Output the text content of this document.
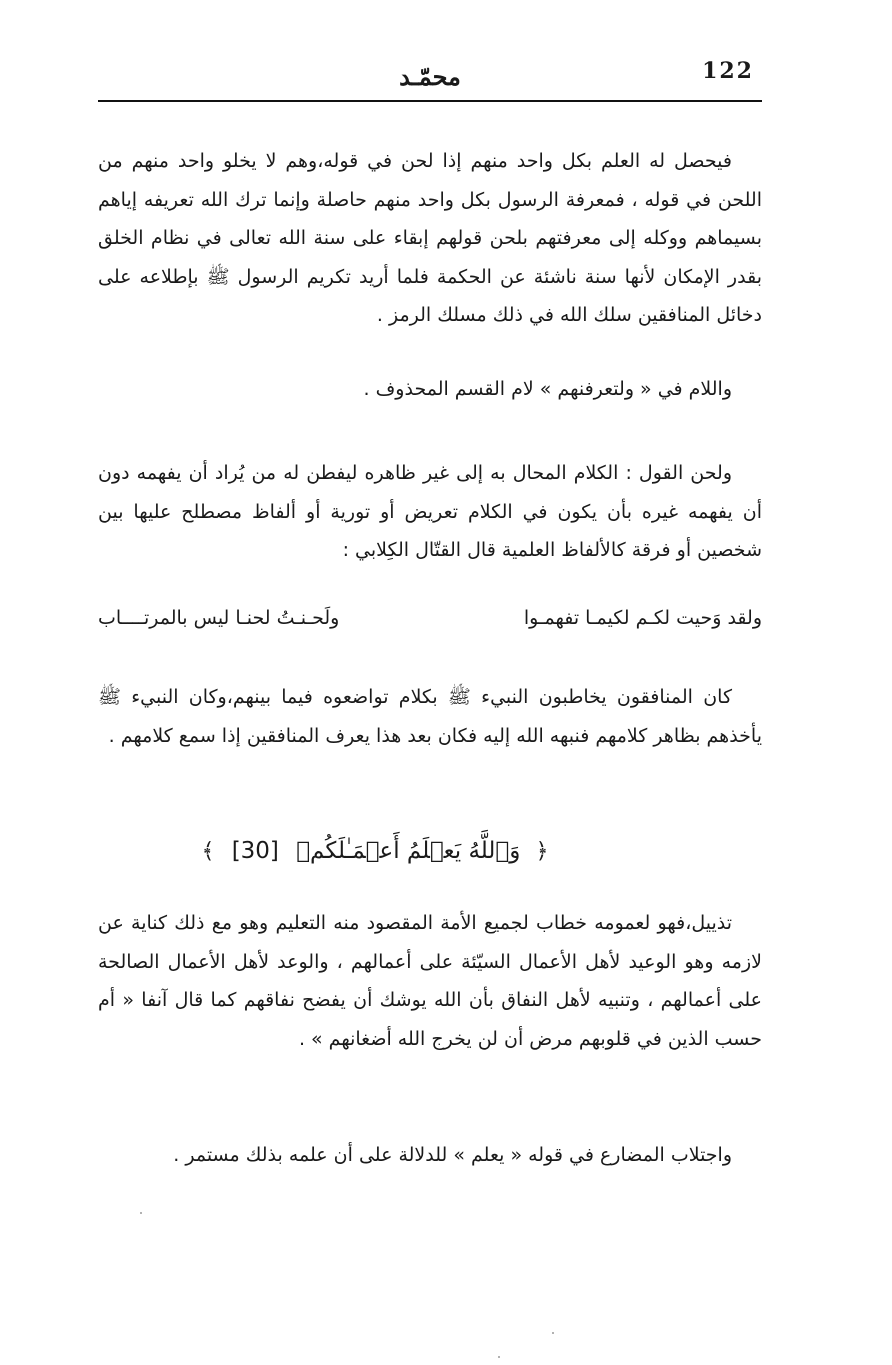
محمّـد	122

فيحصل له العلم بكل واحد منهم إذا لحن في قوله،وهم لا يخلو واحد منهم من اللحن في قوله ، فمعرفة الرسول بكل واحد منهم حاصلة وإنما ترك الله تعريفه إياهم بسيماهم ووكله إلى معرفتهم بلحن قولهم إبقاء على سنة الله تعالى في نظام الخلق بقدر الإمكان لأنها سنة ناشئة عن الحكمة فلما أريد تكريم الرسول ﷺ بإطلاعه على دخائل المنافقين سلك الله في ذلك مسلك الرمز .

واللام في « ولتعرفنهم » لام القسم المحذوف .

ولحن القول : الكلام المحال به إلى غير ظاهره ليفطن له من يُراد أن يفهمه دون أن يفهمه غيره بأن يكون في الكلام تعريض أو تورية أو ألفاظ مصطلح عليها بين شخصين أو فرقة كالألفاظ العلمية قال القتّال الكِلابي :

ولقد وَحيت لكـم لكيمـا تفهمـوا
ولَحـنـتُ لحنـا ليس بالمرتــــاب

كان المنافقون يخاطبون النبيء ﷺ بكلام تواضعوه فيما بينهم،وكان النبيء ﷺ يأخذهم بظاهر كلامهم فنبهه الله إليه فكان بعد هذا يعرف المنافقين إذا سمع كلامهم .

﴿ وَٱللَّهُ يَعۡلَمُ أَعۡمَـٰلَكُمۡ [30] ﴾

تذييل،فهو لعمومه خطاب لجميع الأمة المقصود منه التعليم وهو مع ذلك كناية عن لازمه وهو الوعيد لأهل الأعمال السيّئة على أعمالهم ، والوعد لأهل الأعمال الصالحة على أعمالهم ، وتنبيه لأهل النفاق بأن الله يوشك أن يفضح نفاقهم كما قال آنفا « أم حسب الذين في قلوبهم مرض أن لن يخرج الله أضغانهم » .

واجتلاب المضارع في قوله « يعلم » للدلالة على أن علمه بذلك مستمر .
